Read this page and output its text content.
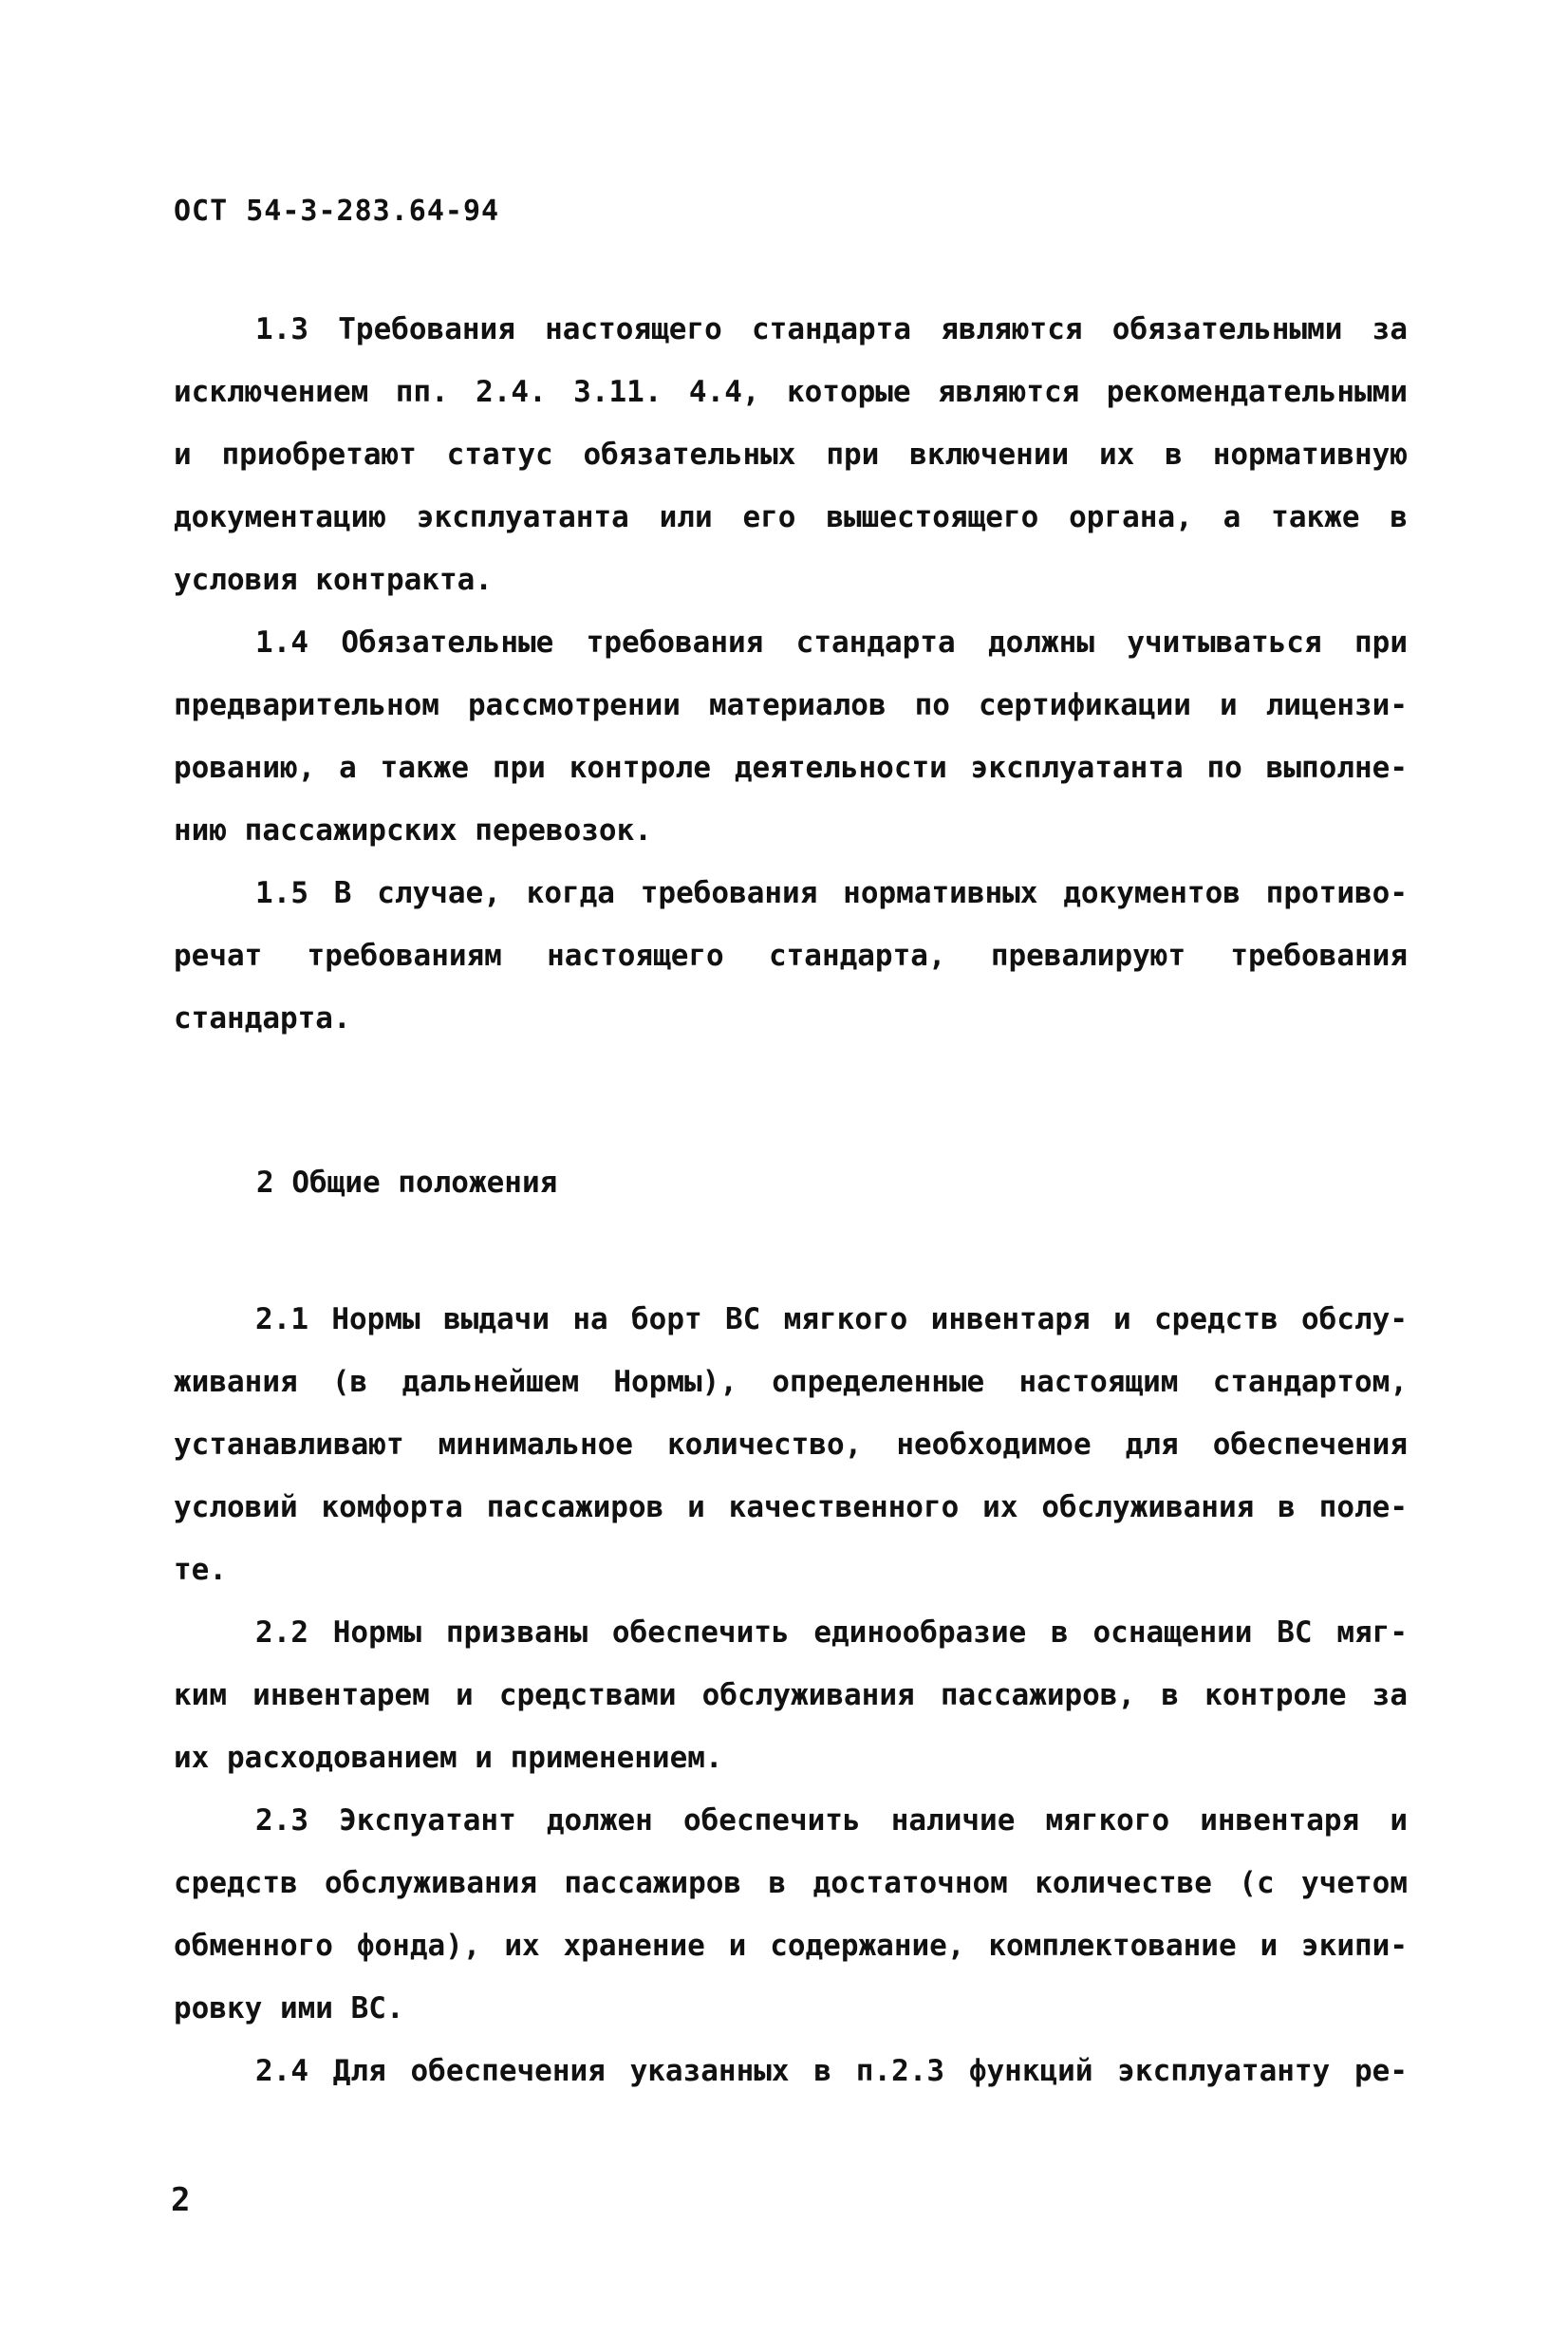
ОСТ 54-3-283.64-94
1.3 Требования настоящего стандарта являются обязательными за
исключением пп. 2.4. 3.11. 4.4, которые являются рекомендательными
и приобретают статус обязательных при включении их в нормативную
документацию эксплуатанта или его вышестоящего органа, а также в
условия контракта.
1.4 Обязательные требования стандарта должны учитываться при
предварительном рассмотрении материалов по сертификации и лицензи-
рованию, а также при контроле деятельности эксплуатанта по выполне-
нию пассажирских перевозок.
1.5 В случае, когда требования нормативных документов противо-
речат требованиям настоящего стандарта, превалируют требования
стандарта.
2 Общие положения
2.1 Нормы выдачи на борт ВС мягкого инвентаря и средств обслу-
живания (в дальнейшем Нормы), определенные настоящим стандартом,
устанавливают минимальное количество, необходимое для обеспечения
условий комфорта пассажиров и качественного их обслуживания в поле-
те.
2.2 Нормы призваны обеспечить единообразие в оснащении ВС мяг-
ким инвентарем и средствами обслуживания пассажиров, в контроле за
их расходованием и применением.
2.3 Экспуатант должен обеспечить наличие мягкого инвентаря и
средств обслуживания пассажиров в достаточном количестве (с учетом
обменного фонда), их хранение и содержание, комплектование и экипи-
ровку ими ВС.
2.4 Для обеспечения указанных в п.2.3 функций эксплуатанту ре-
2
